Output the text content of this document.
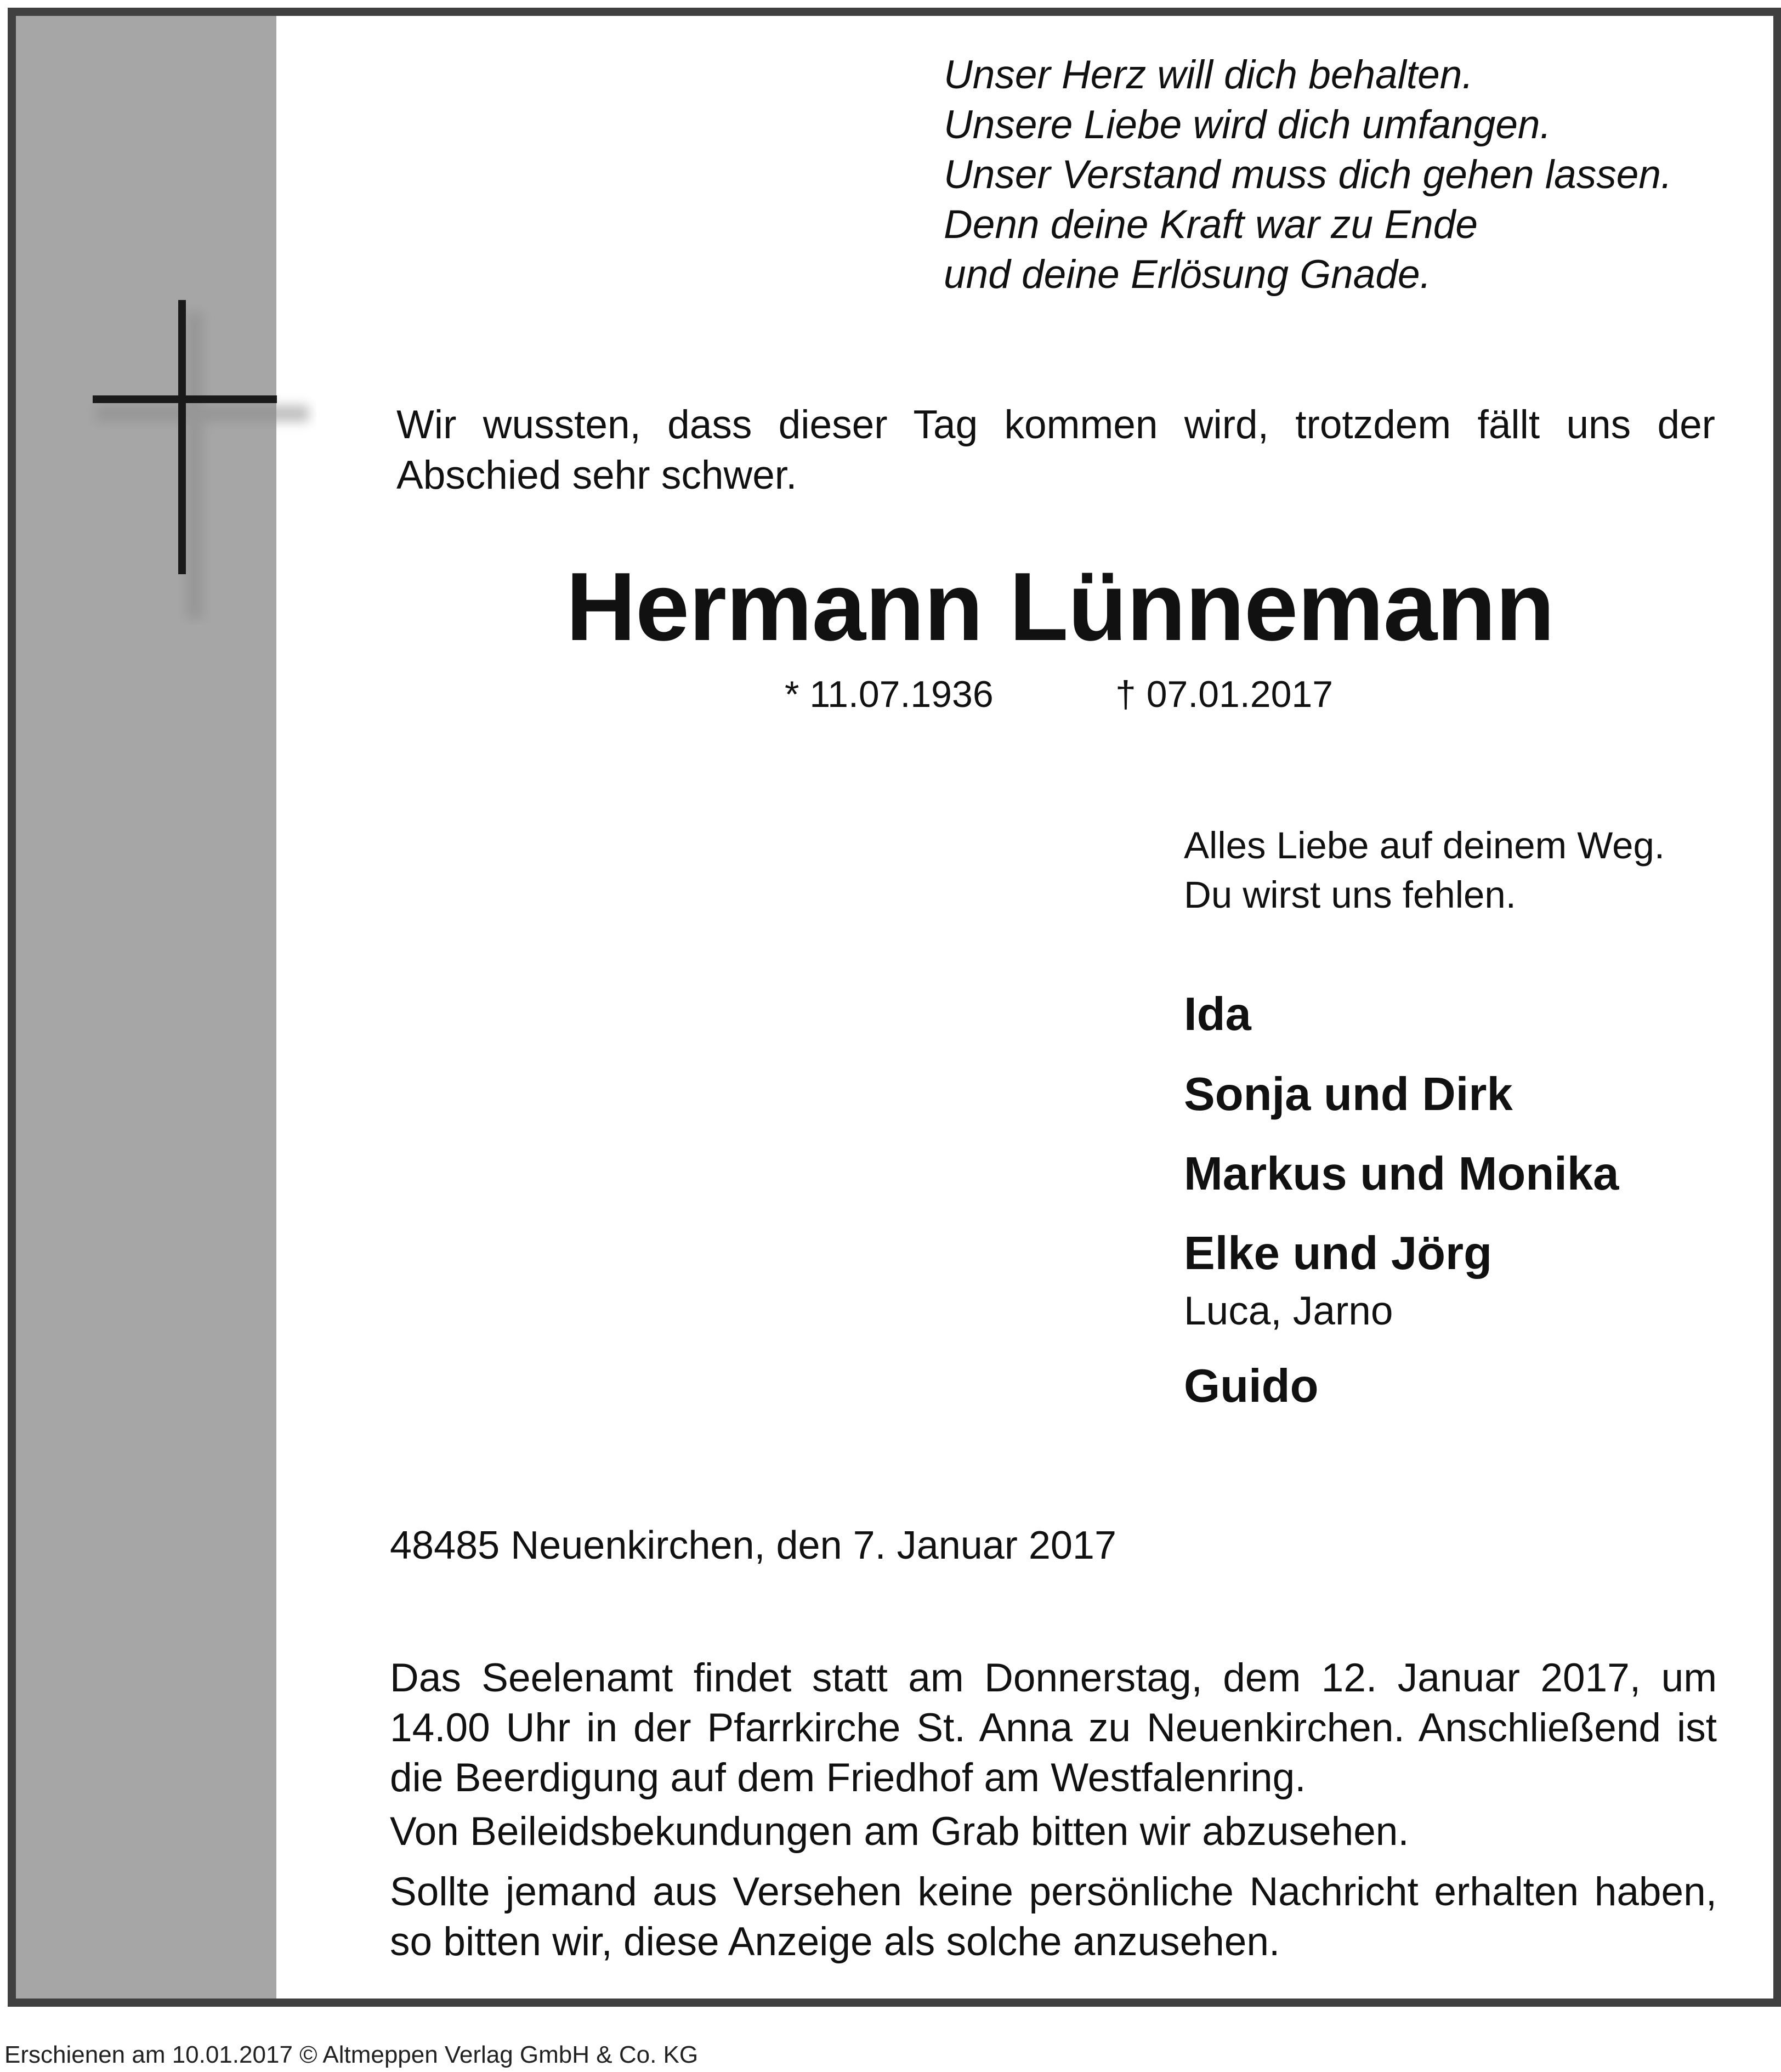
Unser Herz will dich behalten.
Unsere Liebe wird dich umfangen.
Unser Verstand muss dich gehen lassen.
Denn deine Kraft war zu Ende
und deine Erlösung Gnade.

Wir wussten, dass dieser Tag kommen wird, trotzdem fällt uns der Abschied sehr schwer.

Hermann Lünnemann

* 11.07.1936	† 07.01.2017

Alles Liebe auf deinem Weg.
Du wirst uns fehlen.

Ida

Sonja und Dirk

Markus und Monika

Elke und Jörg

Luca, Jarno

Guido

48485 Neuenkirchen, den 7. Januar 2017

Das Seelenamt findet statt am Donnerstag, dem 12. Januar 2017, um 14.00 Uhr in der Pfarrkirche St. Anna zu Neuenkirchen. Anschließend ist die Beerdigung auf dem Friedhof am Westfalenring.

Von Beileidsbekundungen am Grab bitten wir abzusehen.

Sollte jemand aus Versehen keine persönliche Nachricht erhalten haben, so bitten wir, diese Anzeige als solche anzusehen.

Erschienen am 10.01.2017 © Altmeppen Verlag GmbH & Co. KG
